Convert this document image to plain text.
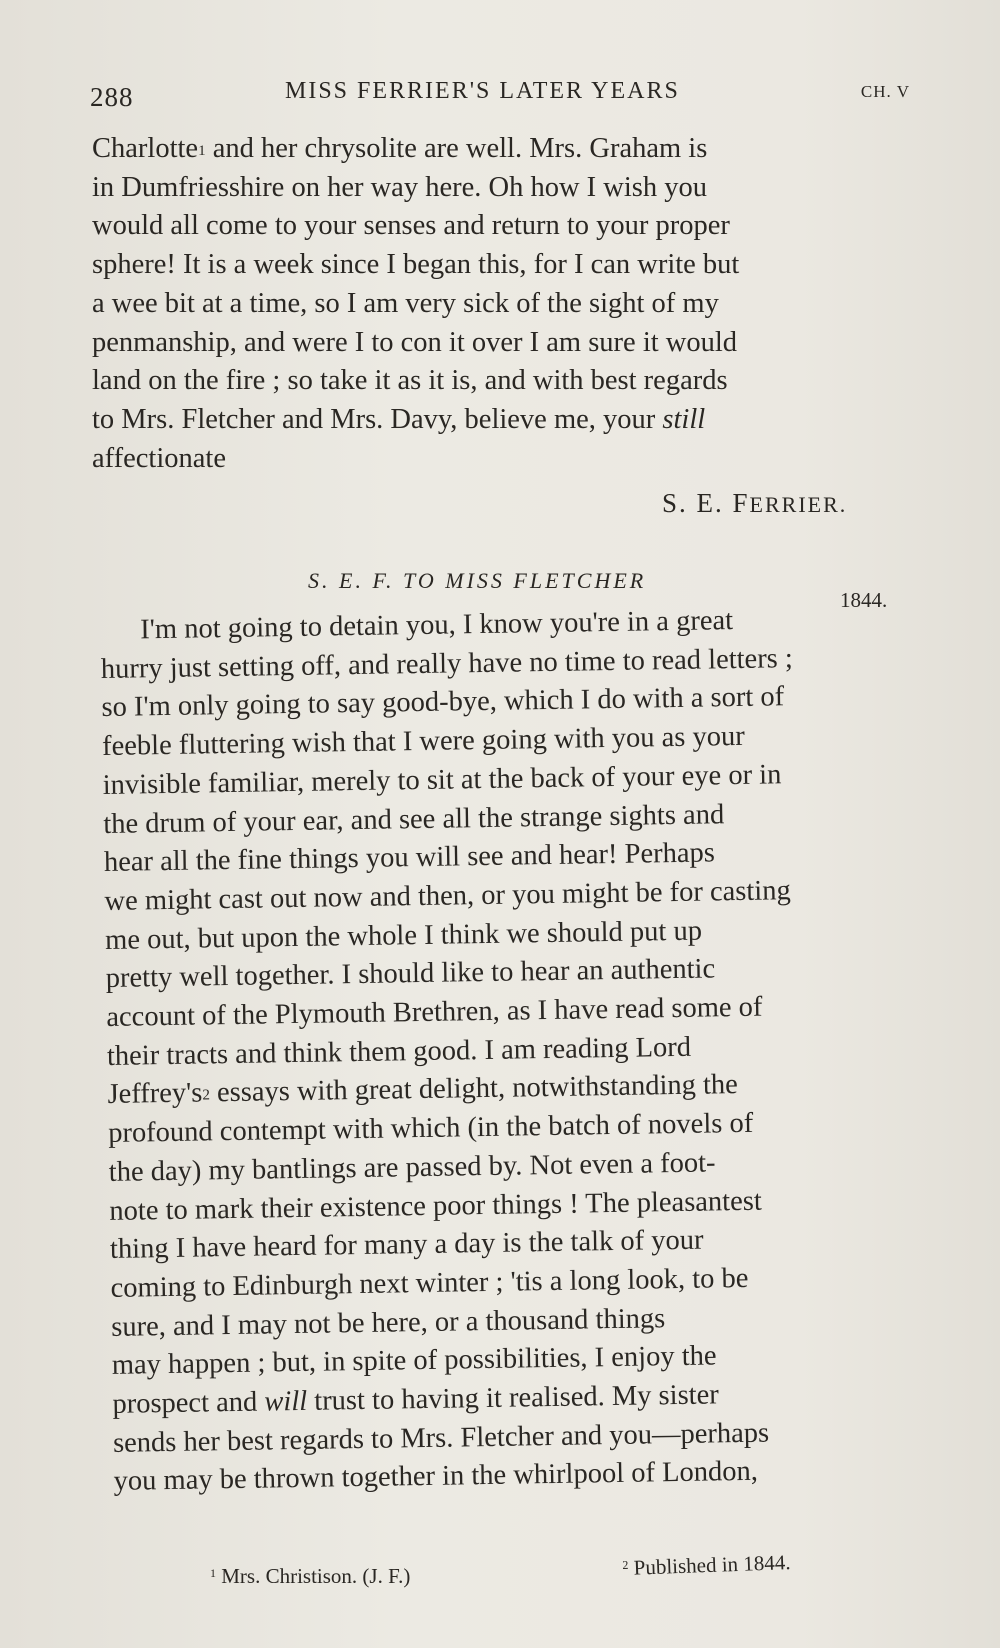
288	MISS FERRIER'S LATER YEARS	CH. V
Charlotte$^1$ and her chrysolite are well. Mrs. Graham is
in Dumfriesshire on her way here. Oh how I wish you
would all come to your senses and return to your proper
sphere! It is a week since I began this, for I can write but
a wee bit at a time, so I am very sick of the sight of my
penmanship, and were I to con it over I am sure it would
land on the fire ; so take it as it is, and with best regards
to Mrs. Fletcher and Mrs. Davy, believe me, your still
affectionate
S. E. FERRIER.
S. E. F. TO MISS FLETCHER
1844.
I'm not going to detain you, I know you're in a great
hurry just setting off, and really have no time to read letters ;
so I'm only going to say good-bye, which I do with a sort of
feeble fluttering wish that I were going with you as your
invisible familiar, merely to sit at the back of your eye or in
the drum of your ear, and see all the strange sights and
hear all the fine things you will see and hear! Perhaps
we might cast out now and then, or you might be for casting
me out, but upon the whole I think we should put up
pretty well together. I should like to hear an authentic
account of the Plymouth Brethren, as I have read some of
their tracts and think them good. I am reading Lord
$Jeffrey's^2$ essays with great delight, notwithstanding the
profound contempt with which (in the batch of novels of
the day) my bantlings are passed by. Not even a foot-
note to mark their existence poor things ! The pleasantest
thing I have heard for many a day is the talk of your
coming to Edinburgh next winter ; 'tis a long look, to be
sure, and I may not be here, or a thousand things
may happen ; but, in spite of possibilities, I enjoy the
prospect and will trust to having it realised. My sister
sends her best regards to Mrs. Fletcher and you—perhaps
you may be thrown together in the whirlpool of London,
$^1$ Mrs. Christison. (J. F.)	$^2$ Published in 1844.
